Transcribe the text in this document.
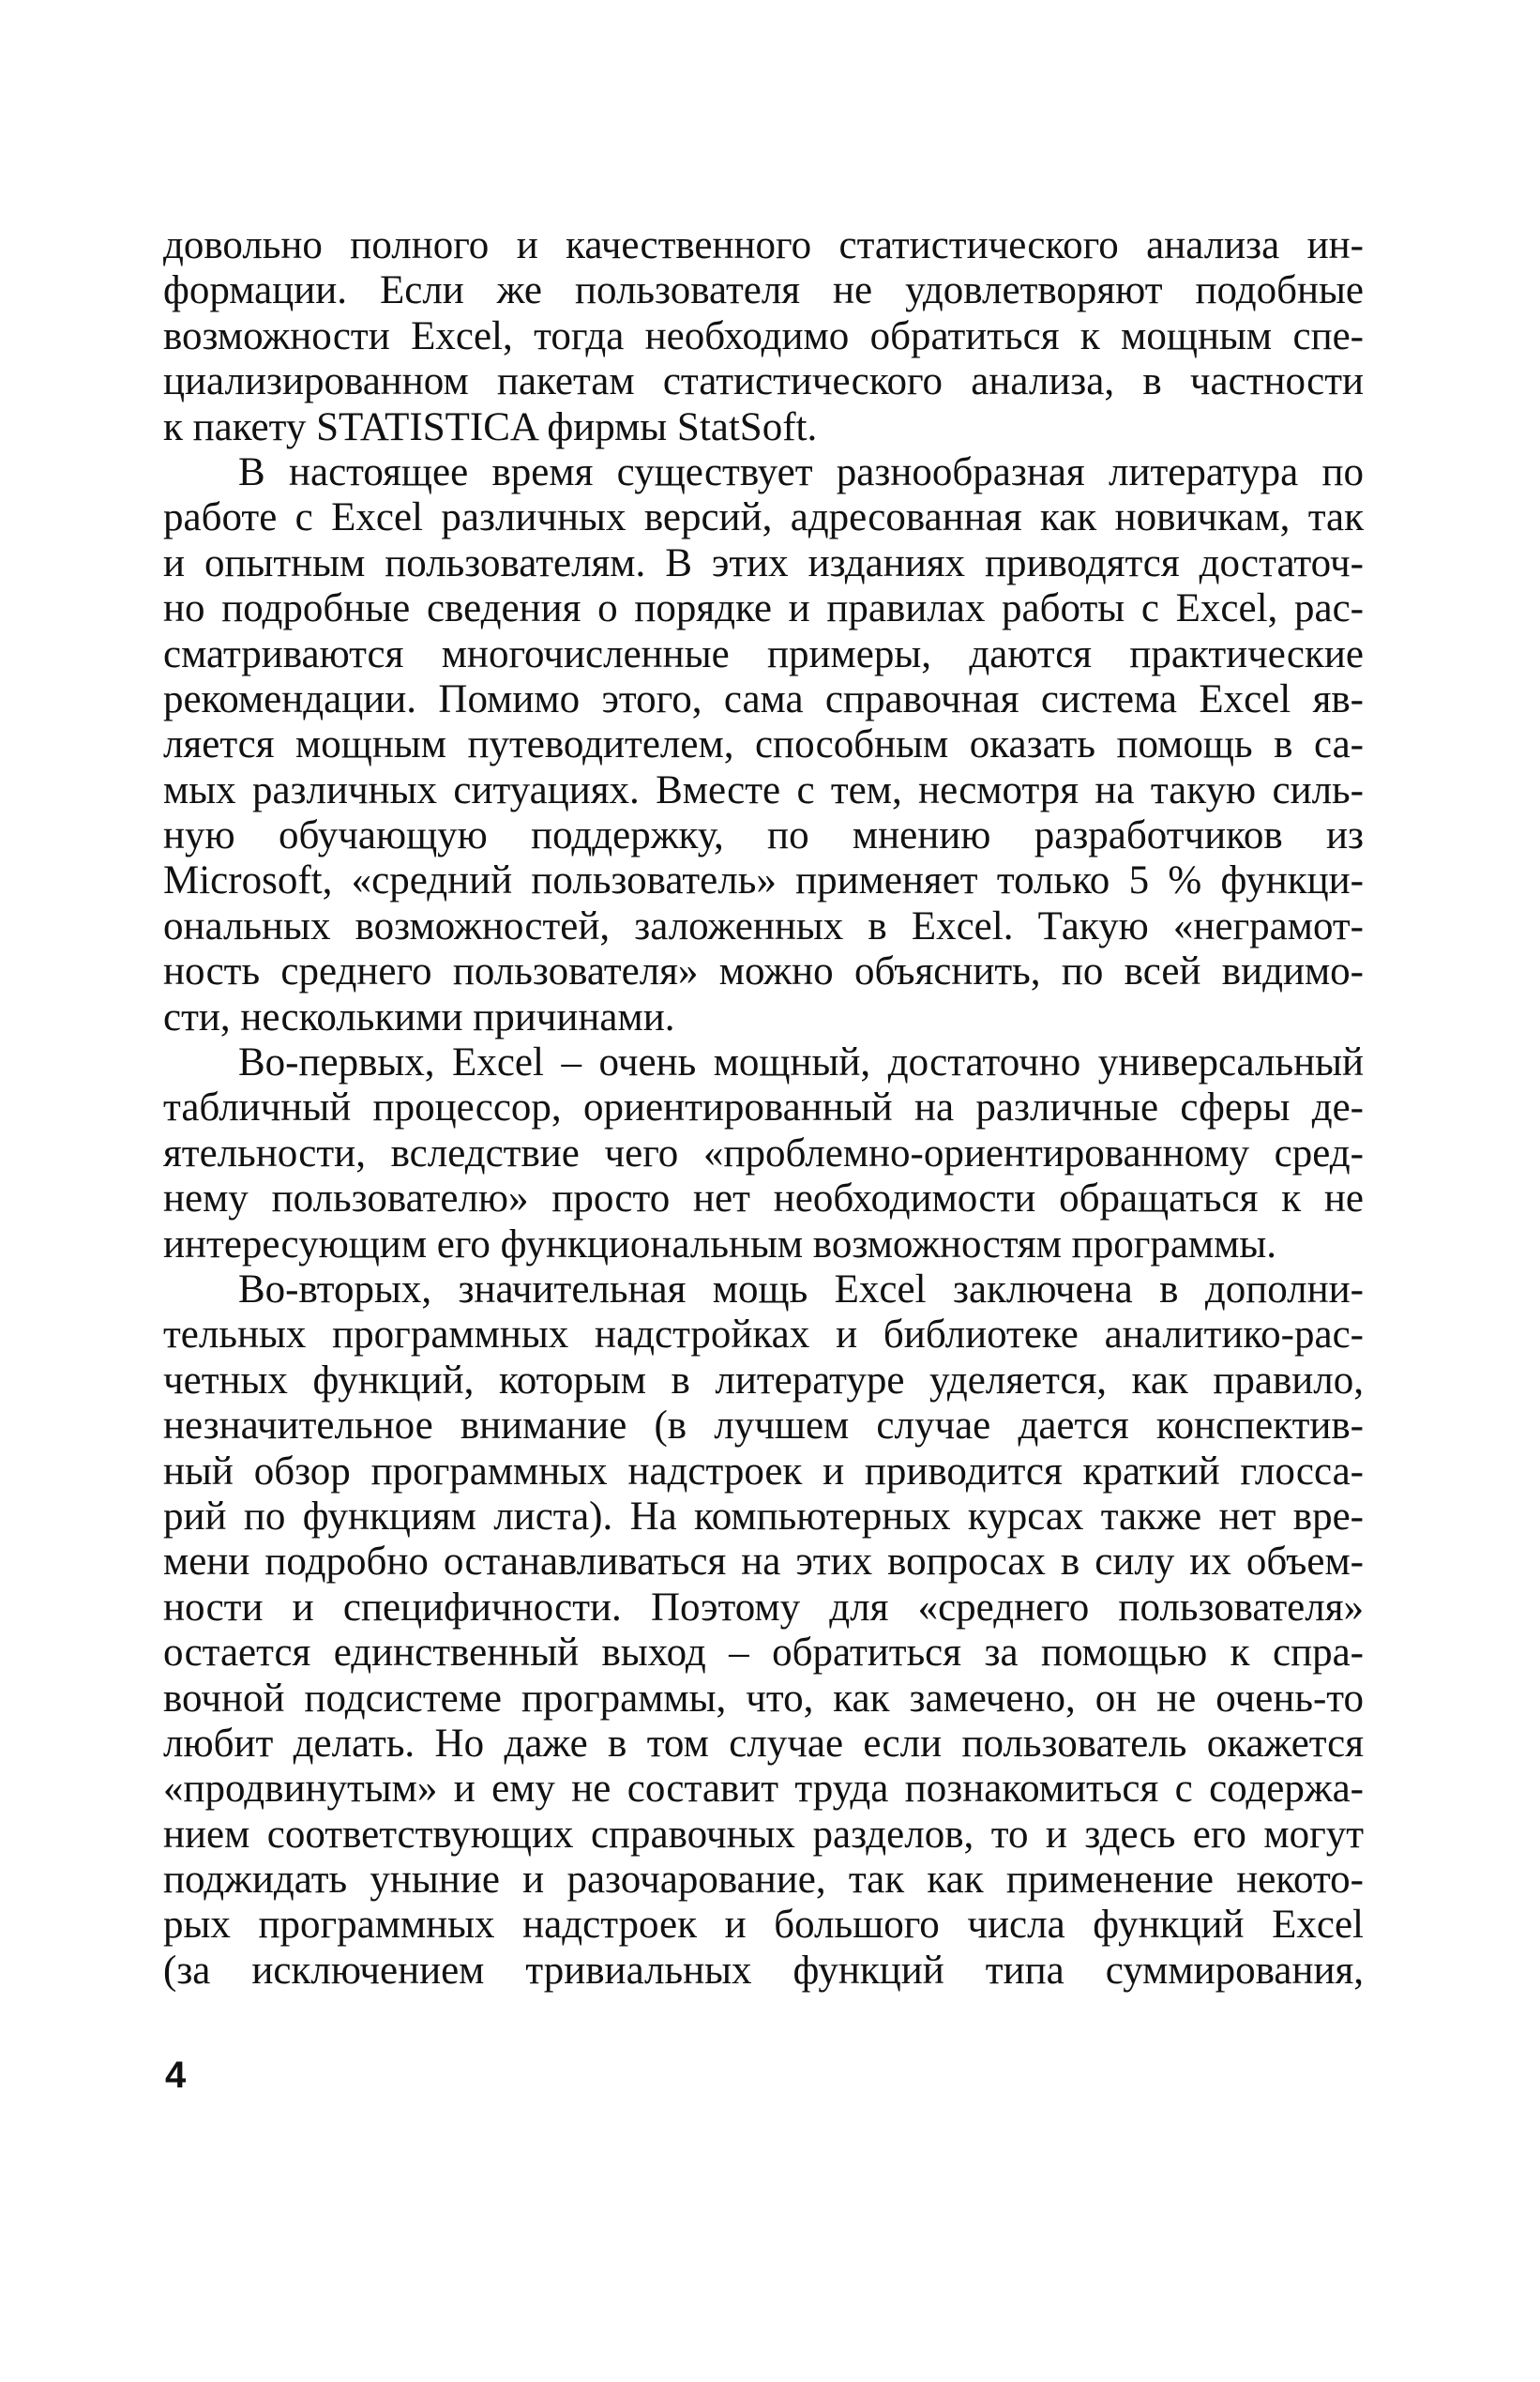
довольно полного и качественного статистического анализа ин-
формации. Если же пользователя не удовлетворяют подобные
возможности Excel, тогда необходимо обратиться к мощным спе-
циализированном пакетам статистического анализа, в частности
к пакету STATISTICA фирмы StatSoft.
В настоящее время существует разнообразная литература по
работе с Excel различных версий, адресованная как новичкам, так
и опытным пользователям. В этих изданиях приводятся достаточ-
но подробные сведения о порядке и правилах работы с Excel, рас-
сматриваются многочисленные примеры, даются практические
рекомендации. Помимо этого, сама справочная система Excel яв-
ляется мощным путеводителем, способным оказать помощь в са-
мых различных ситуациях. Вместе с тем, несмотря на такую силь-
ную обучающую поддержку, по мнению разработчиков из
Microsoft, «средний пользователь» применяет только 5 % функци-
ональных возможностей, заложенных в Excel. Такую «неграмот-
ность среднего пользователя» можно объяснить, по всей видимо-
сти, несколькими причинами.
Во-первых, Excel – очень мощный, достаточно универсальный
табличный процессор, ориентированный на различные сферы де-
ятельности, вследствие чего «проблемно-ориентированному сред-
нему пользователю» просто нет необходимости обращаться к не
интересующим его функциональным возможностям программы.
Во-вторых, значительная мощь Excel заключена в дополни-
тельных программных надстройках и библиотеке аналитико-рас-
четных функций, которым в литературе уделяется, как правило,
незначительное внимание (в лучшем случае дается конспектив-
ный обзор программных надстроек и приводится краткий глосса-
рий по функциям листа). На компьютерных курсах также нет вре-
мени подробно останавливаться на этих вопросах в силу их объем-
ности и специфичности. Поэтому для «среднего пользователя»
остается единственный выход – обратиться за помощью к спра-
вочной подсистеме программы, что, как замечено, он не очень-то
любит делать. Но даже в том случае если пользователь окажется
«продвинутым» и ему не составит труда познакомиться с содержа-
нием соответствующих справочных разделов, то и здесь его могут
поджидать уныние и разочарование, так как применение некото-
рых программных надстроек и большого числа функций Excel
(за исключением тривиальных функций типа суммирования,
4
